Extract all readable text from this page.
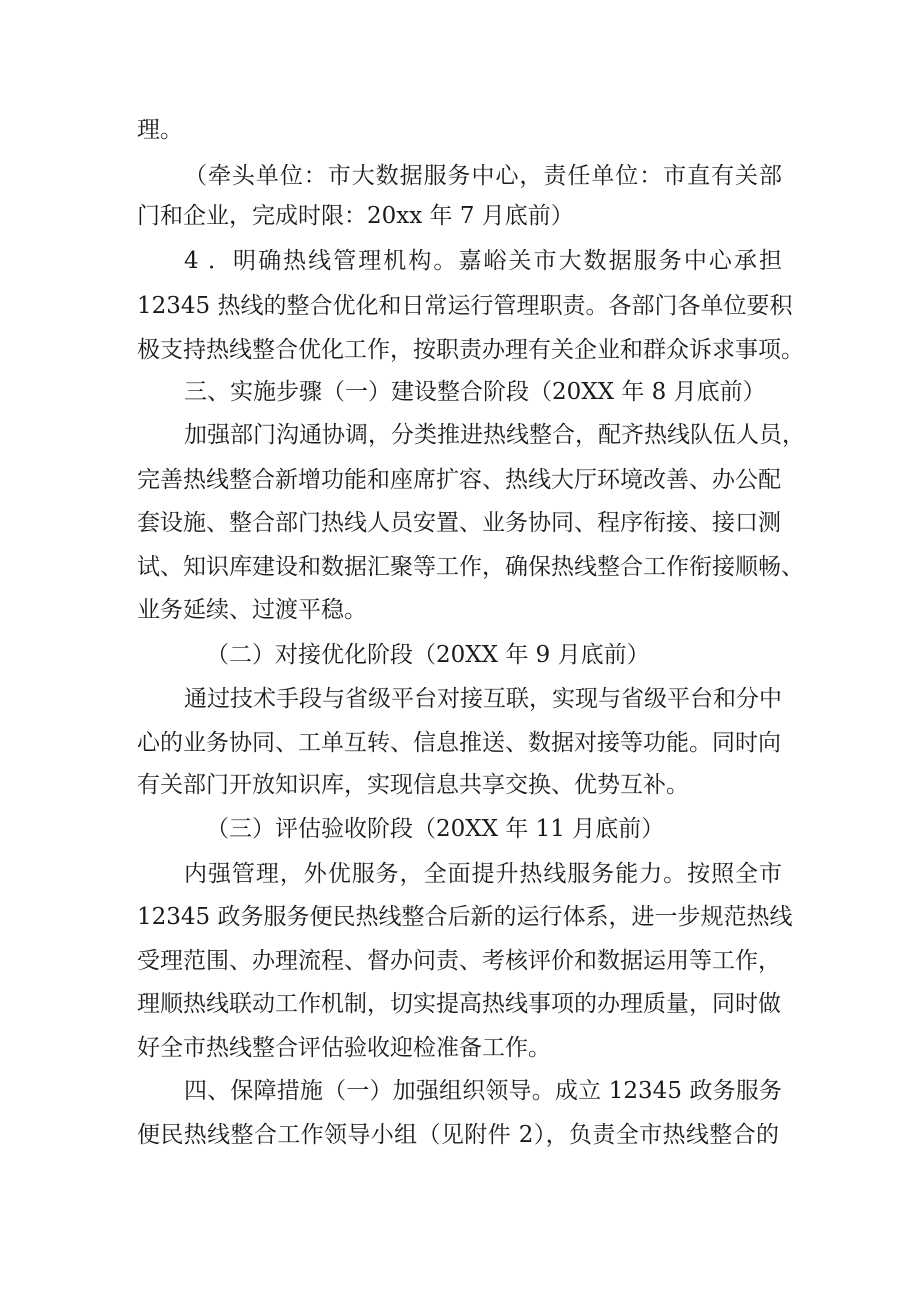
理。
（牵头单位：市大数据服务中心，责任单位：市直有关部
门和企业，完成时限：20xx 年 7 月底前）
4 ．明确热线管理机构。嘉峪关市大数据服务中心承担
12345 热线的整合优化和日常运行管理职责。各部门各单位要积
极支持热线整合优化工作，按职责办理有关企业和群众诉求事项。
三、实施步骤（一）建设整合阶段（20XX 年 8 月底前）
加强部门沟通协调，分类推进热线整合，配齐热线队伍人员，
完善热线整合新增功能和座席扩容、热线大厅环境改善、办公配
套设施、整合部门热线人员安置、业务协同、程序衔接、接口测
试、知识库建设和数据汇聚等工作，确保热线整合工作衔接顺畅、
业务延续、过渡平稳。
（二）对接优化阶段（20XX 年 9 月底前）
通过技术手段与省级平台对接互联，实现与省级平台和分中
心的业务协同、工单互转、信息推送、数据对接等功能。同时向
有关部门开放知识库，实现信息共享交换、优势互补。
（三）评估验收阶段（20XX 年 11 月底前）
内强管理，外优服务，全面提升热线服务能力。按照全市
12345 政务服务便民热线整合后新的运行体系，进一步规范热线
受理范围、办理流程、督办问责、考核评价和数据运用等工作，
理顺热线联动工作机制，切实提高热线事项的办理质量，同时做
好全市热线整合评估验收迎检准备工作。
四、保障措施（一）加强组织领导。成立 12345 政务服务
便民热线整合工作领导小组（见附件 2），负责全市热线整合的
